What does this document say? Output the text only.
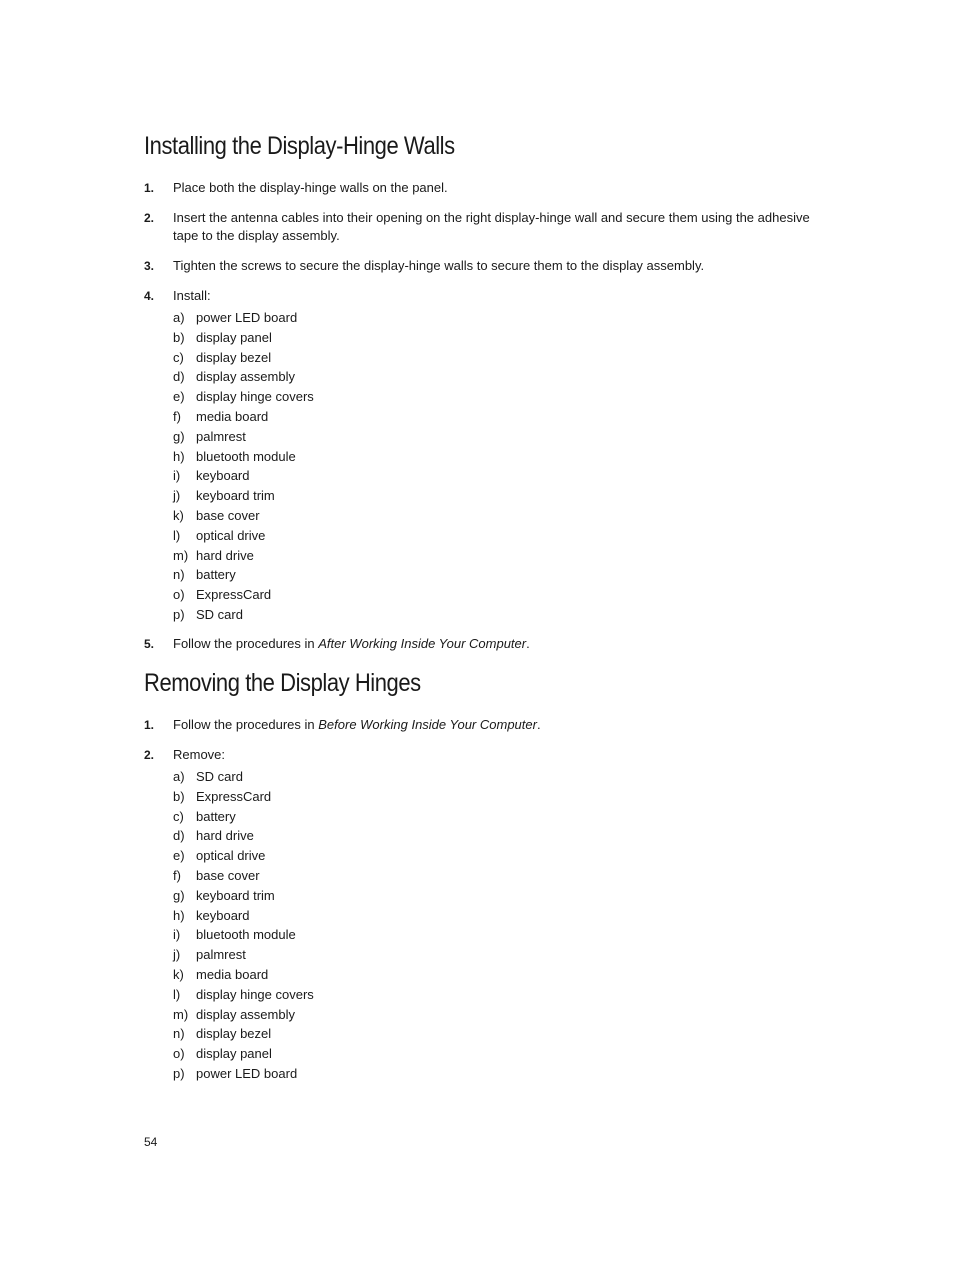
Installing the Display-Hinge Walls
1. Place both the display-hinge walls on the panel.
2. Insert the antenna cables into their opening on the right display-hinge wall and secure them using the adhesive tape to the display assembly.
3. Tighten the screws to secure the display-hinge walls to secure them to the display assembly.
4. Install:
a) power LED board
b) display panel
c) display bezel
d) display assembly
e) display hinge covers
f) media board
g) palmrest
h) bluetooth module
i) keyboard
j) keyboard trim
k) base cover
l) optical drive
m) hard drive
n) battery
o) ExpressCard
p) SD card
5. Follow the procedures in After Working Inside Your Computer.
Removing the Display Hinges
1. Follow the procedures in Before Working Inside Your Computer.
2. Remove:
a) SD card
b) ExpressCard
c) battery
d) hard drive
e) optical drive
f) base cover
g) keyboard trim
h) keyboard
i) bluetooth module
j) palmrest
k) media board
l) display hinge covers
m) display assembly
n) display bezel
o) display panel
p) power LED board
54
